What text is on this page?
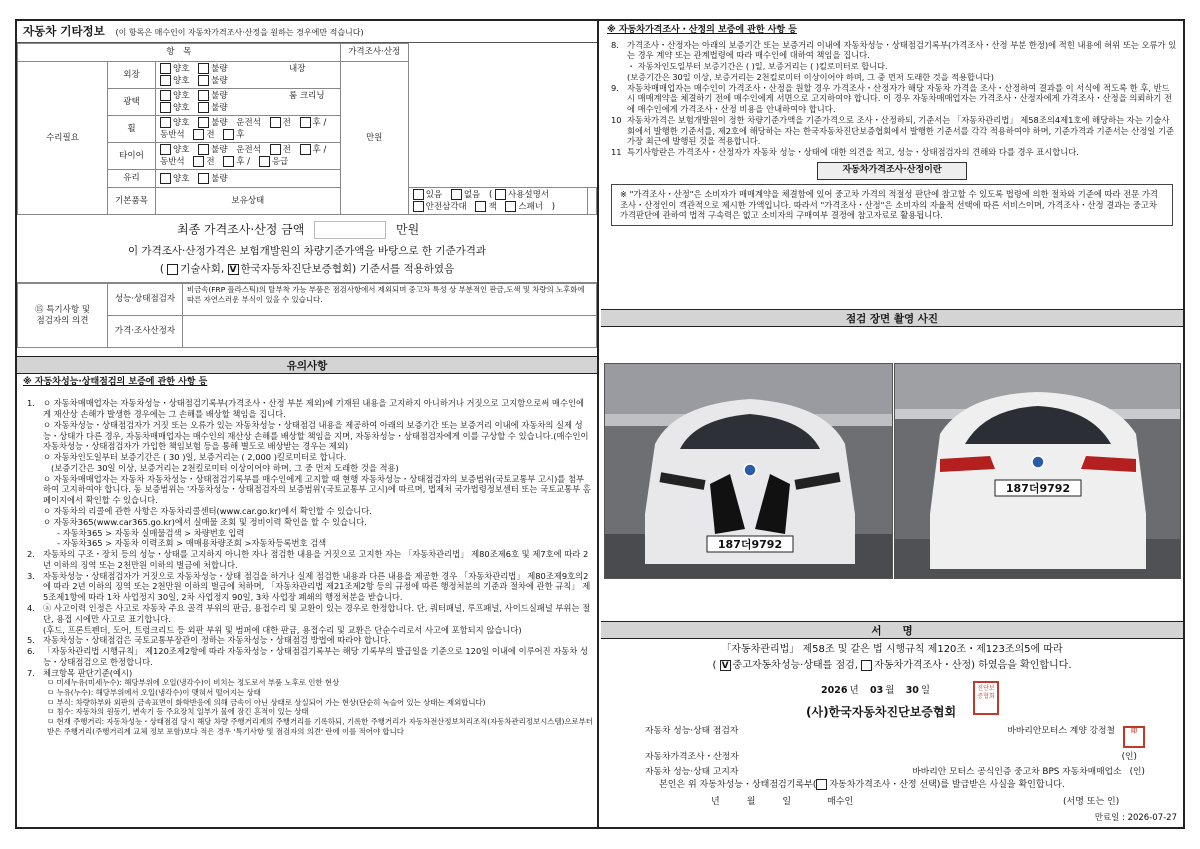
자동차 기타정보 (이 항목은 매수인이 자동차가격조사·산정을 원하는 경우에만 적습니다)
항　목			가격조사·산정		
수리필요	외장	양호 불량 내장 양호 불량	만원		
	광택	양호 불량 룸 크리닝 양호 불량			
	휠	양호 불량 운전석 전 후 / 동반석 전 후			
	타이어	양호 불량 운전석 전 후 / 동반석 전 후 / 응급			
	유리	양호 불량			
	기본품목	보유상태		있음 없음 ( 사용설명서 안전삼각대 잭 스패너 )	
최종 가격조사·산정 금액	만원
이 가격조사·산정가격은 보험개발원의 차량기준가액을 바탕으로 한 기준가격과
( 기술사회, V 한국자동차진단보증협회) 기준서를 적용하였음
⑮ 특기사항 및
점검자의 의견	성능·상태점검자	비금속(FRP 플라스틱)의 탈부착 가능 부품은 점검사항에서 제외되며 중고차 특성 상 부분적인 판금,도색 및 차량의 노후화에 따른 자연스러운 부식이 있을 수 있습니다.
	가격·조사산정자	
유의사항
※ 자동차성능·상태점검의 보증에 관한 사항 등
1. ㅇ 자동차매매업자는 자동차성능・상태점검기록부(가격조사・산정 부분 제외)에 기재된 내용을 고지하지 아니하거나 거짓으로 고지함으로써 매수인에게 재산상 손해가 발생한 경우에는 그 손해를 배상할 책임을 집니다.
ㅇ 자동차성능・상태점검자가 거짓 또는 오류가 있는 자동차성능・상태점검 내용을 제공하여 아래의 보증기간 또는 보증거리 이내에 자동차의 실제 성능・상태가 다른 경우, 자동차매매업자는 매수인의 재산상 손해를 배상할 책임을 지며, 자동차성능・상태점검자에게 이를 구상할 수 있습니다.(매수인이 자동차성능・상태점검자가 가입한 책임보험 등을 통해 별도로 배상받는 경우는 제외)
ㅇ 자동차인도일부터 보증기간은 ( 30 )일, 보증거리는 ( 2,000 )킬로미터로 합니다.
(보증기간은 30일 이상, 보증거리는 2천킬로미터 이상이어야 하며, 그 중 먼저 도래한 것을 적용)
ㅇ 자동차매매업자는 자동차 자동차성능・상태점검기록부를 매수인에게 고지할 때 현행 자동차성능・상태점검자의 보증범위(국토교통부 고시)를 첨부하여 고지하여야 합니다. 동 보증범위는 '자동차성능・상태점검자의 보증범위'(국토교통부 고시)에 따르며, 법제처 국가법령정보센터 또는 국토교통부 홈페이지에서 확인할 수 있습니다.
ㅇ 자동차의 리콜에 관한 사항은 자동차리콜센터(www.car.go.kr)에서 확인할 수 있습니다.
ㅇ 자동차365(www.car365.go.kr)에서 실매물 조회 및 정비이력 확인을 할 수 있습니다.
- 자동차365 > 자동차 실매물검색 > 차량번호 입력
- 자동차365 > 자동차 이력조회 > 매매용차량조회 >자동차등록번호 검색
2. 자동차의 구조・장치 등의 성능・상태를 고지하지 아니한 자나 점검한 내용을 거짓으로 고지한 자는 「자동차관리법」 제80조제6호 및 제7호에 따라 2년 이하의 징역 또는 2천만원 이하의 벌금에 처합니다.
3. 자동차성능・상태점검자가 거짓으로 자동차성능・상태 점검을 하거나 실제 점검한 내용과 다른 내용을 제공한 경우 「자동차관리법」 제80조제9호의2에 따라 2년 이하의 징역 또는 2천만원 이하의 벌금에 처하며, 「자동차관리법 제21조제2항 등의 규정에 따른 행정처분의 기준과 절차에 관한 규칙」 제5조제1항에 따라 1차 사업정지 30일, 2차 사업정지 90일, 3차 사업장 폐쇄의 행정처분을 받습니다.
4. ⓐ 사고이력 인정은 사고로 자동차 주요 골격 부위의 판금, 용접수리 및 교환이 있는 경우로 한정합니다. 단, 쿼터패널, 루프패널, 사이드실패널 부위는 절단, 용접 시에만 사고로 표기합니다.
(후드, 프론트펜더, 도어, 트렁크리드 등 외판 부위 및 범퍼에 대한 판금, 용접수리 및 교환은 단순수리로서 사고에 포함되지 않습니다)
5. 자동차성능・상태점검은 국토교통부장관이 정하는 자동차성능・상태점검 방법에 따라야 합니다.
6. 「자동차관리법 시행규칙」 제120조제2항에 따라 자동차성능・상태점검기록부는 해당 기록부의 발급일을 기준으로 120일 이내에 이루어진 자동차 성능・상태점검으로 한정합니다.
7. 체크항목 판단기준(예시)
ㅁ 미세누유(미세누수): 해당부위에 오일(냉각수)이 비치는 정도로서 부품 노후로 인한 현상
ㅁ 누유(누수): 해당부위에서 오일(냉각수)이 맺혀서 떨어지는 상태
ㅁ 부식: 차량하부와 외판의 금속표면이 화학반응에 의해 금속이 아닌 상태로 상실되어 가는 현상(단순히 녹슬어 있는 상태는 제외합니다)
ㅁ 침수: 자동차의 원동기, 변속기 등 주요장치 일부가 물에 잠긴 흔적이 있는 상태
ㅁ 현재 주행거리: 자동차성능・상태점검 당시 해당 차량 주행거리계의 주행거리를 기록하되, 기록한 주행거리가 자동차전산정보처리조직(자동차관리정보시스템)으로부터 받은 주행거리(주행거리계 교체 정보 포함)보다 적은 경우 '특기사항 및 점검자의 의견' 란에 이를 적어야 합니다
※ 자동차가격조사・산정의 보증에 관한 사항 등
8. 가격조사・산정자는 아래의 보증기간 또는 보증거리 이내에 자동차성능・상태점검기록부(가격조사・산정 부분 한정)에 적힌 내용에 허위 또는 오류가 있는 경우 계약 또는 관계법령에 따라 매수인에 대하여 책임을 집니다.
・ 자동차인도일부터 보증기간은 ( )일, 보증거리는 ( )킬로미터로 합니다.
(보증기간은 30일 이상, 보증거리는 2천킬로미터 이상이어야 하며, 그 중 먼저 도래한 것을 적용합니다)
9. 자동차매매업자는 매수인이 가격조사・산정을 원할 경우 가격조사・산정자가 해당 자동차 가격을 조사・산정하여 결과를 이 서식에 적도록 한 후, 반드시 매매계약을 체결하기 전에 매수인에게 서면으로 고지하여야 합니다. 이 경우 자동차매매업자는 가격조사・산정자에게 가격조사・산정을 의뢰하기 전에 매수인에게 가격조사・산정 비용을 안내하여야 합니다.
10 자동차가격은 보험개발원이 정한 차량기준가액을 기준가격으로 조사・산정하되, 기준서는 「자동차관리법」 제58조의4제1호에 해당하는 자는 기술사회에서 발행한 기준서를, 제2호에 해당하는 자는 한국자동차진단보증협회에서 발행한 기준서를 각각 적용하여야 하며, 기준가격과 기준서는 산정일 기준 가장 최근에 발행된 것을 적용합니다.
11 특기사항란은 가격조사・산정자가 자동차 성능・상태에 대한 의견을 적고, 성능・상태점검자의 견해와 다를 경우 표시합니다.
자동차가격조사·산정이란
※ "가격조사・산정"은 소비자가 매매계약을 체결함에 있어 중고차 가격의 적절성 판단에 참고할 수 있도록 법령에 의한 절차와 기준에 따라 전문 가격조사・산정인이 객관적으로 제시한 가액입니다. 따라서 "가격조사・산정"은 소비자의 자율적 선택에 따른 서비스이며, 가격조사・산정 결과는 중고차 가격판단에 관하여 법적 구속력은 없고 소비자의 구매여부 결정에 참고자료로 활용됩니다.
점검 장면 촬영 사진
187더9792
187더9792
서　　명
「자동차관리법」 제58조 및 같은 법 시행규칙 제120조・제123조의5에 따라
( V 중고자동차성능·상태를 점검, 자동차가격조사・산정) 하였음을 확인합니다.
2026 년 03 월 30 일
(사)한국자동차진단보증협회
진단보증협회
자동차 성능·상태 점검자	바바리안모터스 계양 강정철	印
자동차가격조사・산정자	(인)
자동차 성능·상태 고지자	바바리안 모터스 공식인증 중고차 BPS 자동차매매업소 (인)
본인은 위 자동차성능・상태점검기록부( 자동차가격조사・산정 선택)를 발급받은 사실을 확인합니다.
년　　　월　　　일　　　　매수인	(서명 또는 인)
만료일 : 2026-07-27
